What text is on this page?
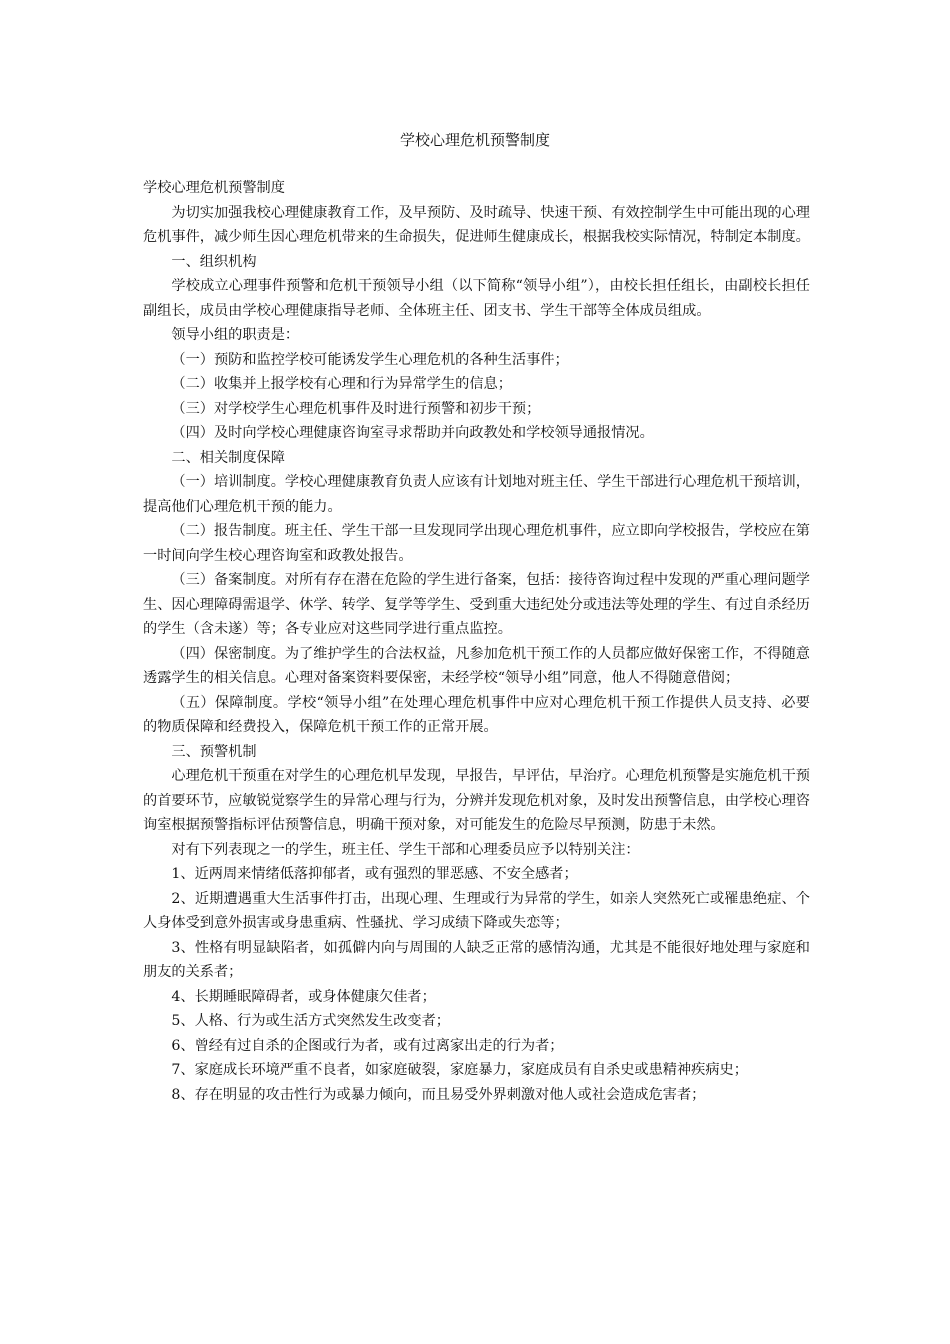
学校心理危机预警制度

学校心理危机预警制度

为切实加强我校心理健康教育工作，及早预防、及时疏导、快速干预、有效控制学生中可能出现的心理危机事件，减少师生因心理危机带来的生命损失，促进师生健康成长，根据我校实际情况，特制定本制度。

一、组织机构

学校成立心理事件预警和危机干预领导小组（以下简称“领导小组”），由校长担任组长，由副校长担任副组长，成员由学校心理健康指导老师、全体班主任、团支书、学生干部等全体成员组成。

领导小组的职责是：

（一）预防和监控学校可能诱发学生心理危机的各种生活事件；

（二）收集并上报学校有心理和行为异常学生的信息；

（三）对学校学生心理危机事件及时进行预警和初步干预；

（四）及时向学校心理健康咨询室寻求帮助并向政教处和学校领导通报情况。

二、相关制度保障

（一）培训制度。学校心理健康教育负责人应该有计划地对班主任、学生干部进行心理危机干预培训，提高他们心理危机干预的能力。

（二）报告制度。班主任、学生干部一旦发现同学出现心理危机事件，应立即向学校报告，学校应在第一时间向学生校心理咨询室和政教处报告。

（三）备案制度。对所有存在潜在危险的学生进行备案，包括：接待咨询过程中发现的严重心理问题学生、因心理障碍需退学、休学、转学、复学等学生、受到重大违纪处分或违法等处理的学生、有过自杀经历的学生（含未遂）等；各专业应对这些同学进行重点监控。

（四）保密制度。为了维护学生的合法权益，凡参加危机干预工作的人员都应做好保密工作，不得随意透露学生的相关信息。心理对备案资料要保密，未经学校“领导小组”同意，他人不得随意借阅；

（五）保障制度。学校“领导小组”在处理心理危机事件中应对心理危机干预工作提供人员支持、必要的物质保障和经费投入，保障危机干预工作的正常开展。

三、预警机制

心理危机干预重在对学生的心理危机早发现，早报告，早评估，早治疗。心理危机预警是实施危机干预的首要环节，应敏锐觉察学生的异常心理与行为，分辨并发现危机对象，及时发出预警信息，由学校心理咨询室根据预警指标评估预警信息，明确干预对象，对可能发生的危险尽早预测，防患于未然。

对有下列表现之一的学生，班主任、学生干部和心理委员应予以特别关注：

1、近两周来情绪低落抑郁者，或有强烈的罪恶感、不安全感者；

2、近期遭遇重大生活事件打击，出现心理、生理或行为异常的学生，如亲人突然死亡或罹患绝症、个人身体受到意外损害或身患重病、性骚扰、学习成绩下降或失恋等；

3、性格有明显缺陷者，如孤僻内向与周围的人缺乏正常的感情沟通，尤其是不能很好地处理与家庭和朋友的关系者；

4、长期睡眠障碍者，或身体健康欠佳者；

5、人格、行为或生活方式突然发生改变者；

6、曾经有过自杀的企图或行为者，或有过离家出走的行为者；

7、家庭成长环境严重不良者，如家庭破裂，家庭暴力，家庭成员有自杀史或患精神疾病史；

8、存在明显的攻击性行为或暴力倾向，而且易受外界刺激对他人或社会造成危害者；
